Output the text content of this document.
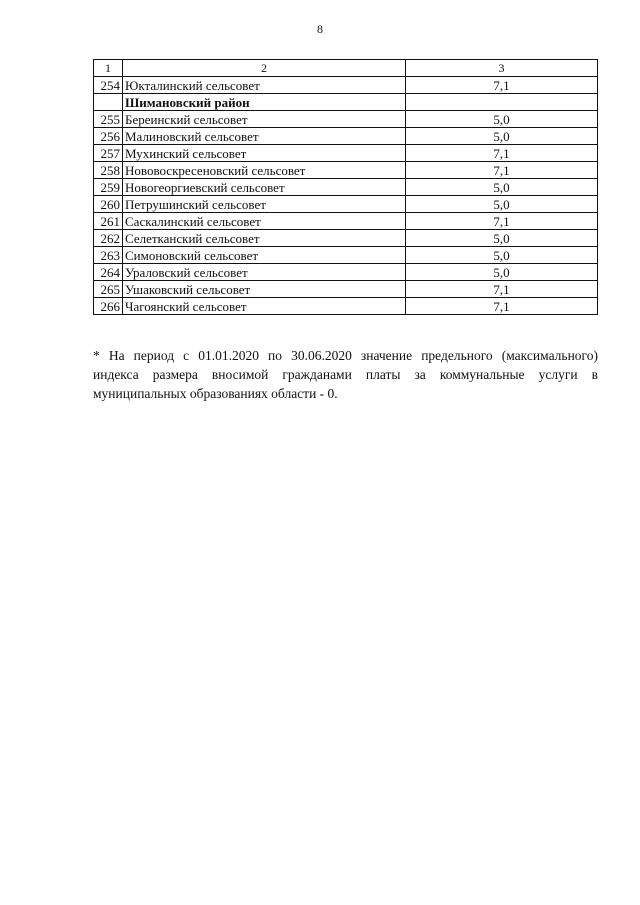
8
1	2	3
254	Юкталинский сельсовет	7,1
	Шимановский район	
255	Береинский сельсовет	5,0
256	Малиновский сельсовет	5,0
257	Мухинский сельсовет	7,1
258	Нововоскресеновский сельсовет	7,1
259	Новогеоргиевский сельсовет	5,0
260	Петрушинский сельсовет	5,0
261	Саскалинский сельсовет	7,1
262	Селетканский сельсовет	5,0
263	Симоновский сельсовет	5,0
264	Ураловский сельсовет	5,0
265	Ушаковский сельсовет	7,1
266	Чагоянский сельсовет	7,1
* На период с 01.01.2020 по 30.06.2020 значение предельного (максимального)
индекса размера вносимой гражданами платы за коммунальные услуги в
муниципальных образованиях области - 0.
